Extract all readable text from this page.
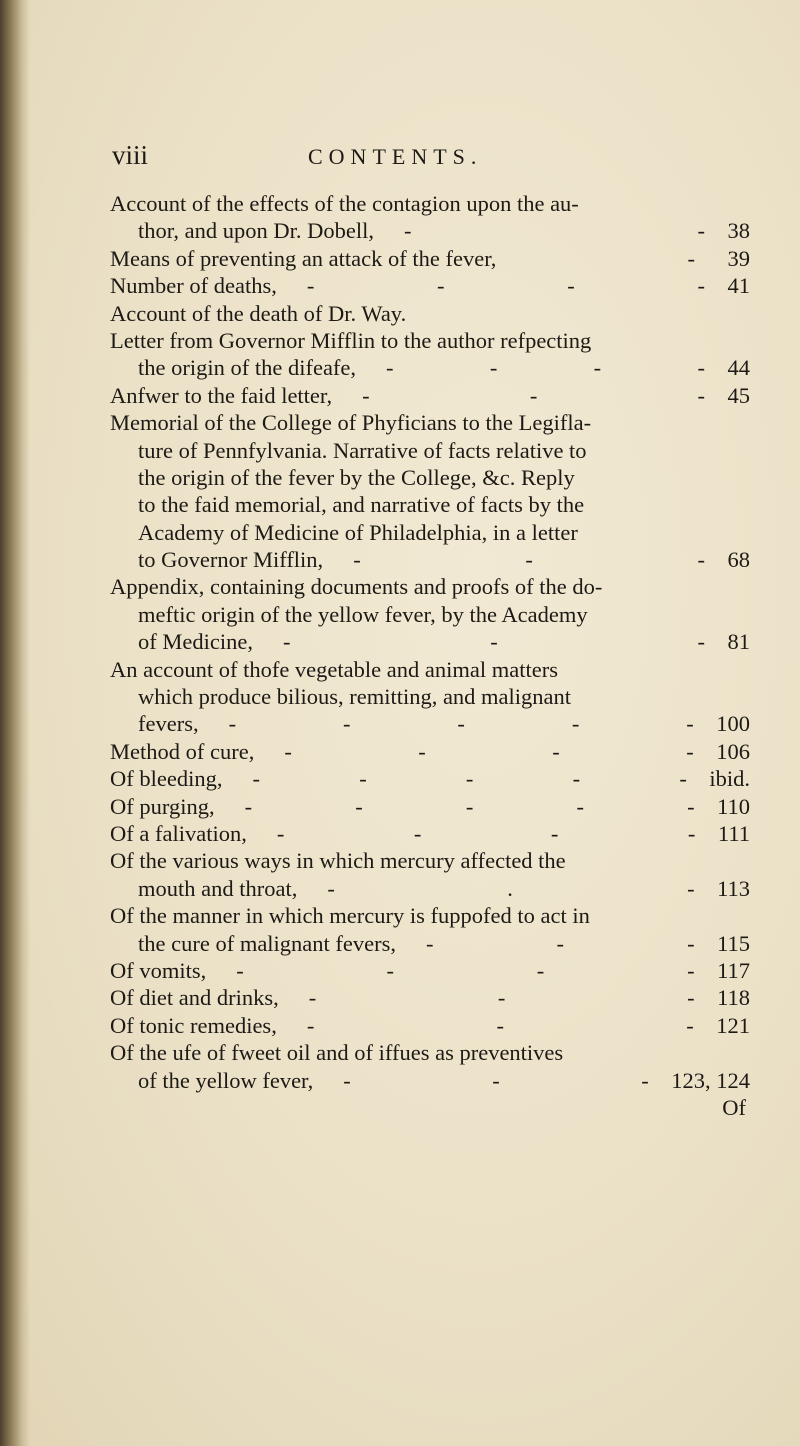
viii	CONTENTS.
Account of the effects of the contagion upon the au-
thor, and upon Dr. Dobell, -	- 38
Means of preventing an attack of the fever,	- 39
Number of deaths, -	-	-	- 41
Account of the death of Dr. Way.
Letter from Governor Mifflin to the author refpecting
the origin of the difeafe, -	-	-	- 44
Anfwer to the faid letter, -	-	- 45
Memorial of the College of Phyficians to the Legifla-
ture of Pennfylvania. Narrative of facts relative to
the origin of the fever by the College, &c. Reply
to the faid memorial, and narrative of facts by the
Academy of Medicine of Philadelphia, in a letter
to Governor Mifflin, -	-	- 68
Appendix, containing documents and proofs of the do-
meftic origin of the yellow fever, by the Academy
of Medicine, -	-	- 81
An account of thofe vegetable and animal matters
which produce bilious, remitting, and malignant
fevers, -	-	-	-	- 100
Method of cure, -	-	-	- 106
Of bleeding, -	-	-	-	- ibid.
Of purging, -	-	-	-	- 110
Of a falivation, -	-	-	- 111
Of the various ways in which mercury affected the
mouth and throat, -	.	- 113
Of the manner in which mercury is fuppofed to act in
the cure of malignant fevers, -	-	- 115
Of vomits, -	-	-	- 117
Of diet and drinks, -	-	- 118
Of tonic remedies, -	-	- 121
Of the ufe of fweet oil and of iffues as preventives
of the yellow fever, -	-	- 123, 124
Of
